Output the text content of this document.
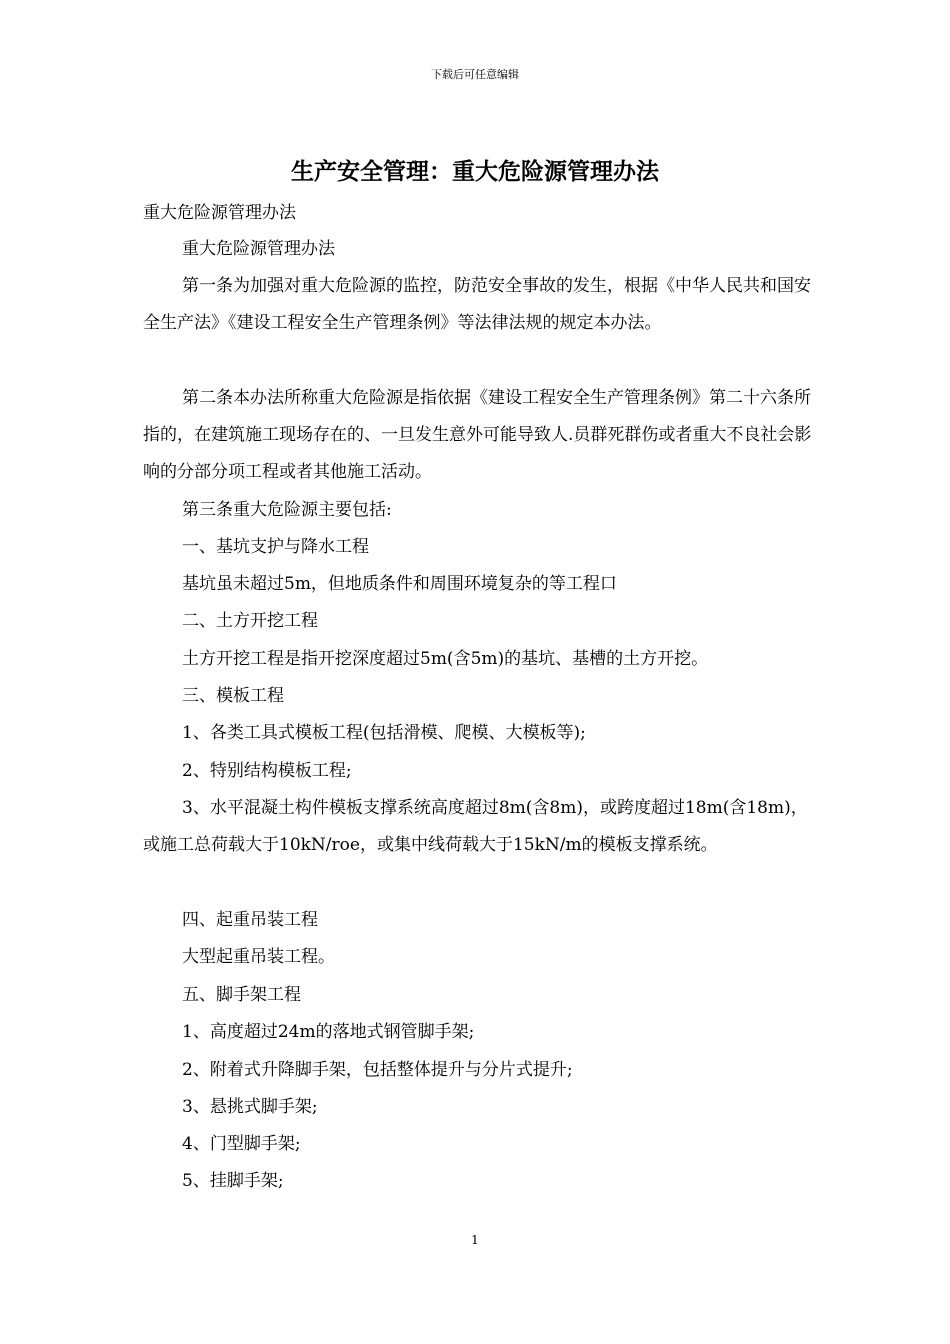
下载后可任意编辑
生产安全管理：重大危险源管理办法

重大危险源管理办法

重大危险源管理办法

第一条为加强对重大危险源的监控，防范安全事故的发生，根据《中华人民共和国安全生产法》《建设工程安全生产管理条例》等法律法规的规定本办法。

第二条本办法所称重大危险源是指依据《建设工程安全生产管理条例》第二十六条所指的，在建筑施工现场存在的、一旦发生意外可能导致人.员群死群伤或者重大不良社会影响的分部分项工程或者其他施工活动。

第三条重大危险源主要包括:

一、基坑支护与降水工程

基坑虽未超过5m，但地质条件和周围环境复杂的等工程口

二、土方开挖工程

土方开挖工程是指开挖深度超过5m(含5m)的基坑、基槽的土方开挖。

三、模板工程

1、各类工具式模板工程(包括滑模、爬模、大模板等);

2、特别结构模板工程;

3、水平混凝土构件模板支撑系统高度超过8m(含8m)，或跨度超过18m(含18m)，或施工总荷载大于10kN/roe，或集中线荷载大于15kN/m的模板支撑系统。

四、起重吊装工程

大型起重吊装工程。

五、脚手架工程

1、高度超过24m的落地式钢管脚手架;

2、附着式升降脚手架，包括整体提升与分片式提升;

3、悬挑式脚手架;

4、门型脚手架;

5、挂脚手架;

1
